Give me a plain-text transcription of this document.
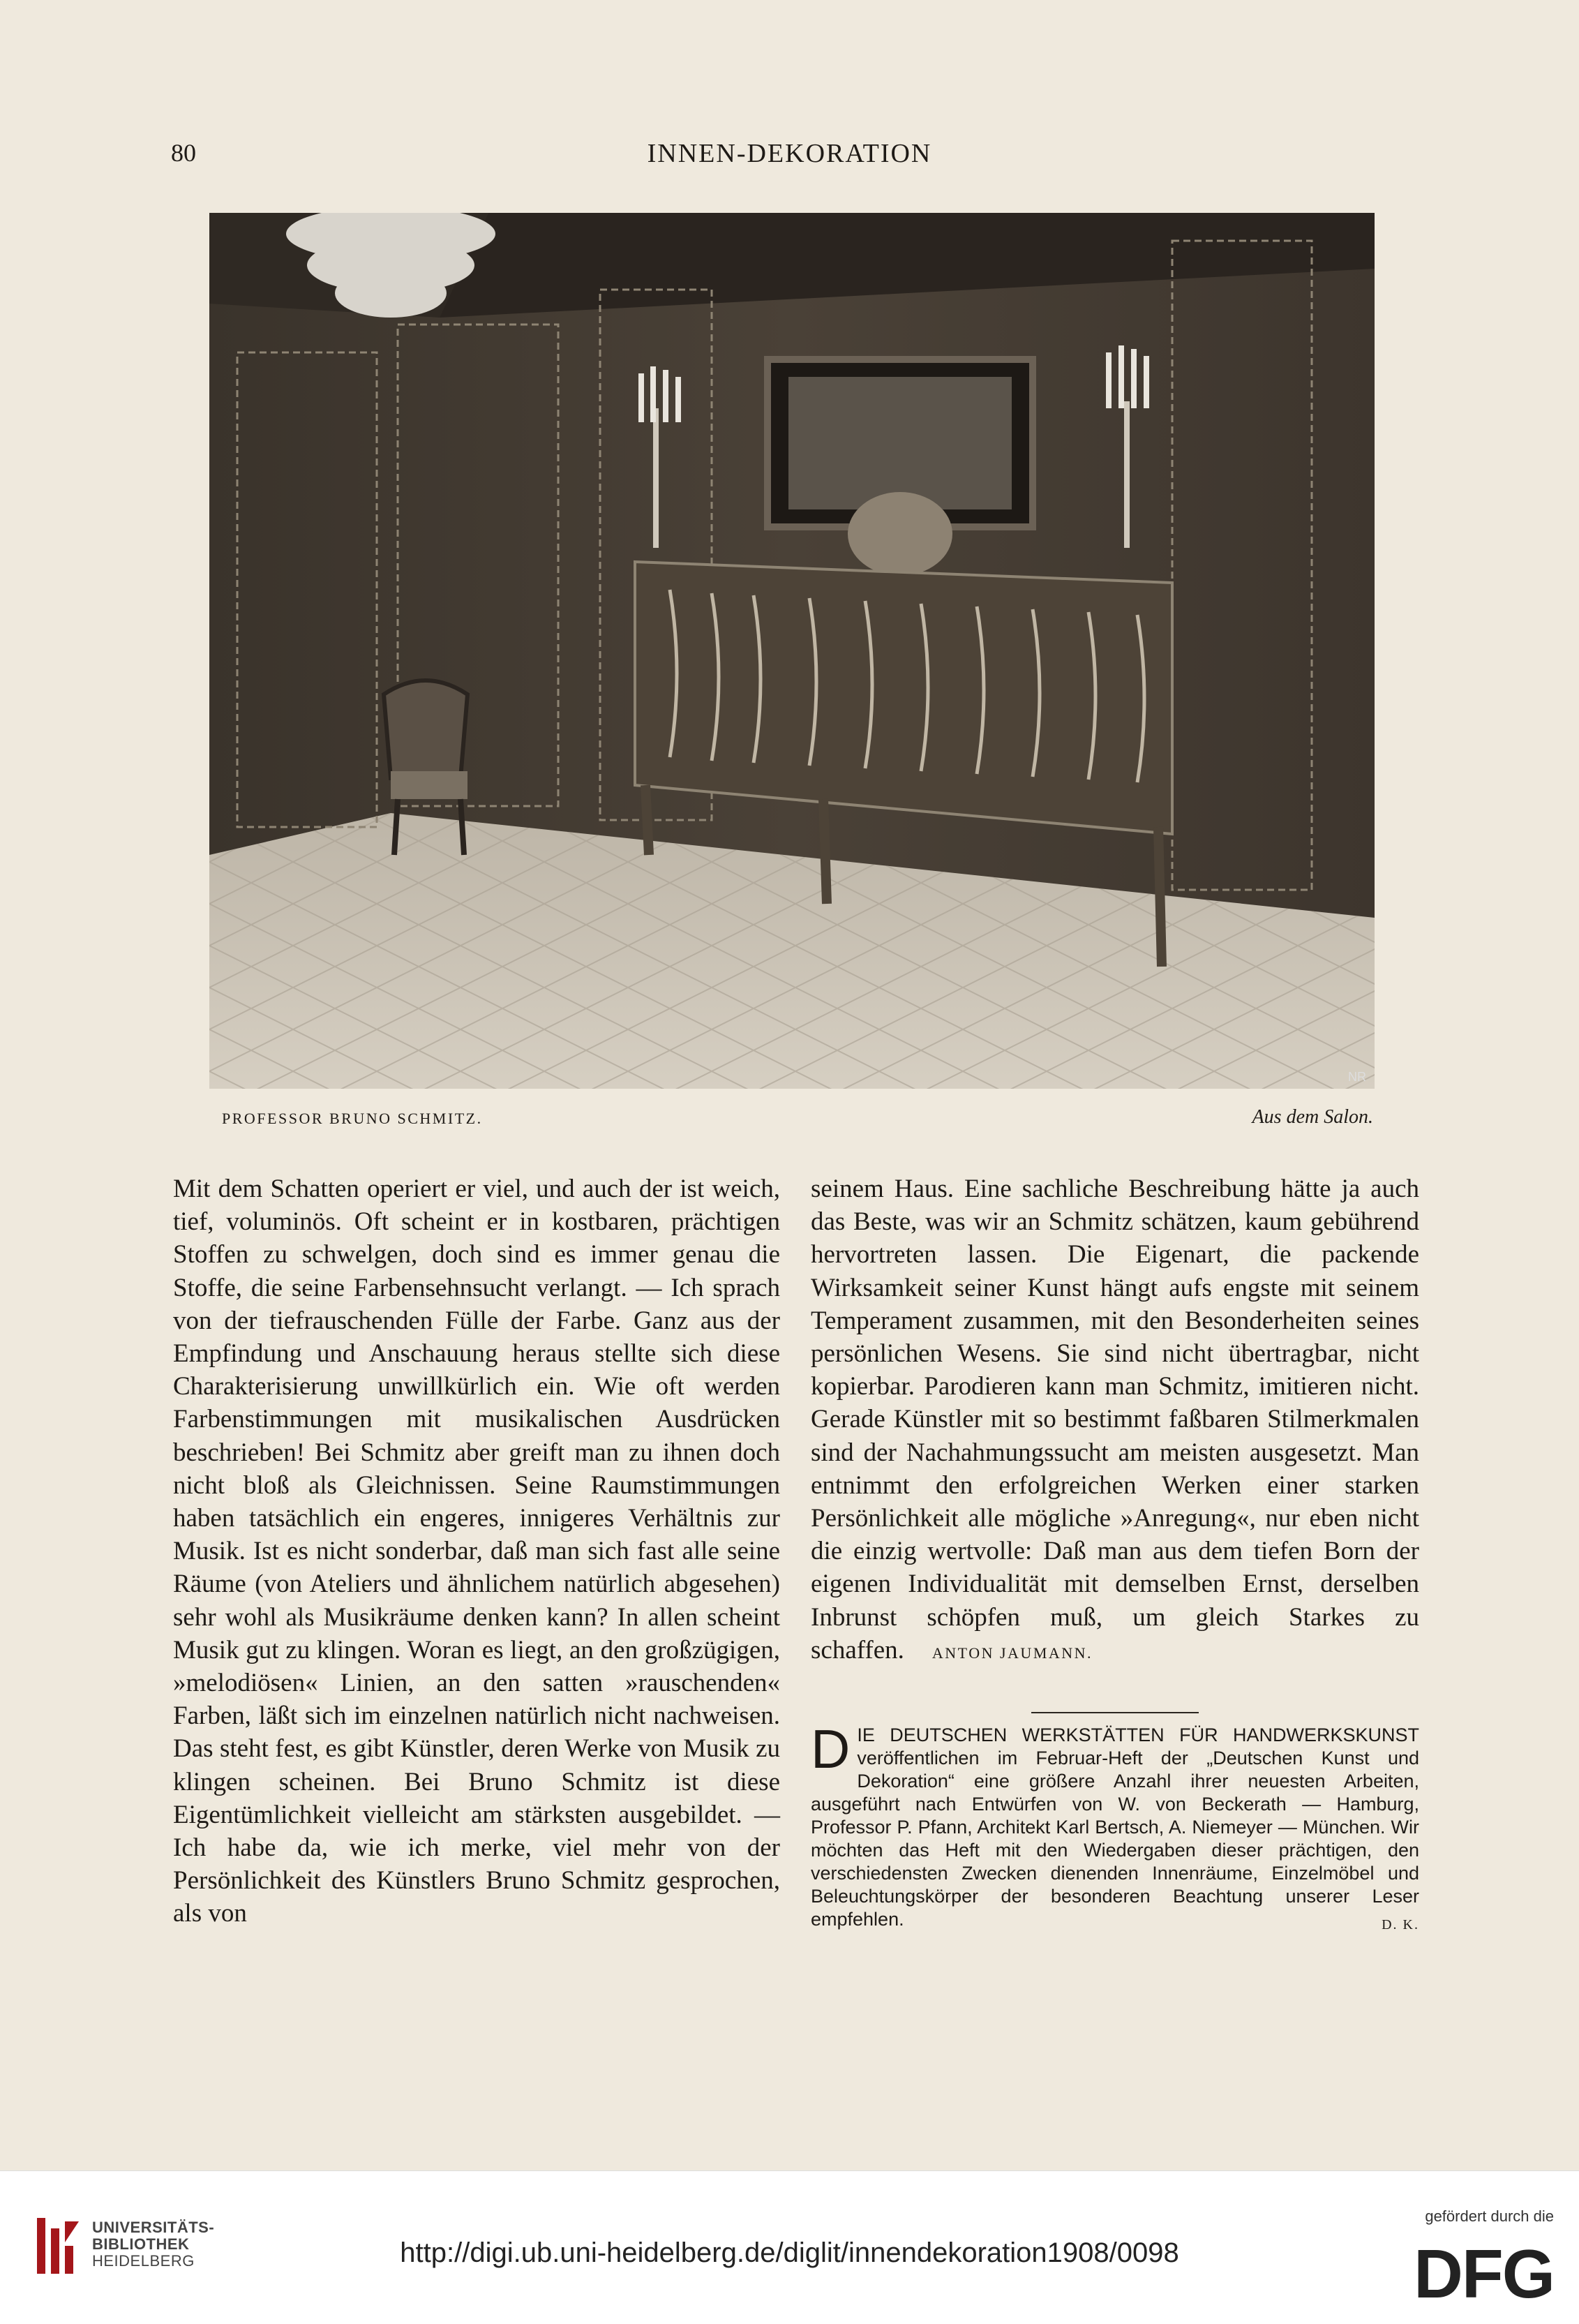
80	INNEN-DEKORATION
NR
PROFESSOR BRUNO SCHMITZ.	Aus dem Salon.

Mit dem Schatten operiert er viel, und auch der ist weich, tief, voluminös. Oft scheint er in kostbaren, prächtigen Stoffen zu schwelgen, doch sind es immer genau die Stoffe, die seine Farbensehnsucht verlangt. — Ich sprach von der tiefrauschenden Fülle der Farbe. Ganz aus der Empfindung und Anschauung heraus stellte sich diese Charakterisierung unwillkürlich ein. Wie oft werden Farbenstimmungen mit musikalischen Ausdrücken beschrieben! Bei Schmitz aber greift man zu ihnen doch nicht bloß als Gleichnissen. Seine Raumstimmungen haben tatsächlich ein engeres, innigeres Verhältnis zur Musik. Ist es nicht sonderbar, daß man sich fast alle seine Räume (von Ateliers und ähnlichem natürlich abgesehen) sehr wohl als Musikräume denken kann? In allen scheint Musik gut zu klingen. Woran es liegt, an den großzügigen, »melodiösen« Linien, an den satten »rauschenden« Farben, läßt sich im einzelnen natürlich nicht nachweisen. Das steht fest, es gibt Künstler, deren Werke von Musik zu klingen scheinen. Bei Bruno Schmitz ist diese Eigentümlichkeit vielleicht am stärksten ausgebildet. — Ich habe da, wie ich merke, viel mehr von der Persönlichkeit des Künstlers Bruno Schmitz gesprochen, als von

seinem Haus. Eine sachliche Beschreibung hätte ja auch das Beste, was wir an Schmitz schätzen, kaum gebührend hervortreten lassen. Die Eigenart, die packende Wirksamkeit seiner Kunst hängt aufs engste mit seinem Temperament zusammen, mit den Besonderheiten seines persönlichen Wesens. Sie sind nicht übertragbar, nicht kopierbar. Parodieren kann man Schmitz, imitieren nicht. Gerade Künstler mit so bestimmt faßbaren Stilmerkmalen sind der Nachahmungssucht am meisten ausgesetzt. Man entnimmt den erfolgreichen Werken einer starken Persönlichkeit alle mögliche »Anregung«, nur eben nicht die einzig wertvolle: Daß man aus dem tiefen Born der eigenen Individualität mit demselben Ernst, derselben Inbrunst schöpfen muß, um gleich Starkes zu schaffen. ANTON JAUMANN.

DIE DEUTSCHEN WERKSTÄTTEN FÜR HANDWERKSKUNST veröffentlichen im Februar-Heft der „Deutschen Kunst und Dekoration“ eine größere Anzahl ihrer neuesten Arbeiten, ausgeführt nach Entwürfen von W. von Beckerath — Hamburg, Professor P. Pfann, Architekt Karl Bertsch, A. Niemeyer — München. Wir möchten das Heft mit den Wiedergaben dieser prächtigen, den verschiedensten Zwecken dienenden Innenräume, Einzelmöbel und Beleuchtungskörper der besonderen Beachtung unserer Leser empfehlen.	D. K.
http://digi.ub.uni-heidelberg.de/diglit/innendekoration1908/0098
gefördert durch die
DFG
UNIVERSITÄTS-
BIBLIOTHEK
HEIDELBERG
